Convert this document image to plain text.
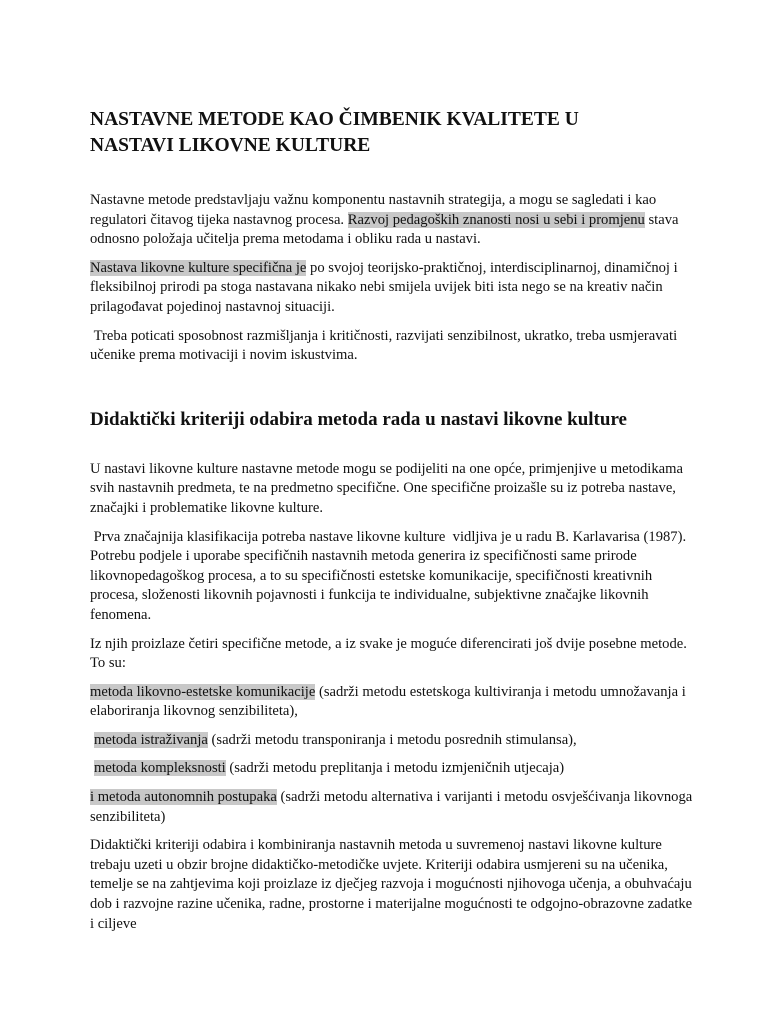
NASTAVNE METODE KAO ČIMBENIK KVALITETE U NASTAVI LIKOVNE KULTURE

Nastavne metode predstavljaju važnu komponentu nastavnih strategija, a mogu se sagledati i kao regulatori čitavog tijeka nastavnog procesa. Razvoj pedagoških znanosti nosi u sebi i promjenu stava odnosno položaja učitelja prema metodama i obliku rada u nastavi.

Nastava likovne kulture specifična je po svojoj teorijsko-praktičnoj, interdisciplinarnoj, dinamičnoj i fleksibilnoj prirodi pa stoga nastavana nikako nebi smijela uvijek biti ista nego se na kreativ način prilagođavat pojedinoj nastavnoj situaciji.

Treba poticati sposobnost razmišljanja i kritičnosti, razvijati senzibilnost, ukratko, treba usmjeravati učenike prema motivaciji i novim iskustvima.

Didaktički kriteriji odabira metoda rada u nastavi likovne kulture

U nastavi likovne kulture nastavne metode mogu se podijeliti na one opće, primjenjive u metodikama svih nastavnih predmeta, te na predmetno specifične. One specifične proizašle su iz potreba nastave, značajki i problematike likovne kulture.

Prva značajnija klasifikacija potreba nastave likovne kulture  vidljiva je u radu B. Karlavarisa (1987). Potrebu podjele i uporabe specifičnih nastavnih metoda generira iz specifičnosti same prirode likovnopedagoškog procesa, a to su specifičnosti estetske komunikacije, specifičnosti kreativnih procesa, složenosti likovnih pojavnosti i funkcija te individualne, subjektivne značajke likovnih fenomena.

Iz njih proizlaze četiri specifične metode, a iz svake je moguće diferencirati još dvije posebne metode. To su:

metoda likovno-estetske komunikacije (sadrži metodu estetskoga kultiviranja i metodu umnožavanja i elaboriranja likovnog senzibiliteta),

metoda istraživanja (sadrži metodu transponiranja i metodu posrednih stimulansa),

metoda kompleksnosti (sadrži metodu preplitanja i metodu izmjeničnih utjecaja)

i metoda autonomnih postupaka (sadrži metodu alternativa i varijanti i metodu osvješćivanja likovnoga senzibiliteta)

Didaktički kriteriji odabira i kombiniranja nastavnih metoda u suvremenoj nastavi likovne kulture trebaju uzeti u obzir brojne didaktičko-metodičke uvjete. Kriteriji odabira usmjereni su na učenika, temelje se na zahtjevima koji proizlaze iz dječjeg razvoja i mogućnosti njihovoga učenja, a obuhvaćaju dob i razvojne razine učenika, radne, prostorne i materijalne mogućnosti te odgojno-obrazovne zadatke i ciljeve
